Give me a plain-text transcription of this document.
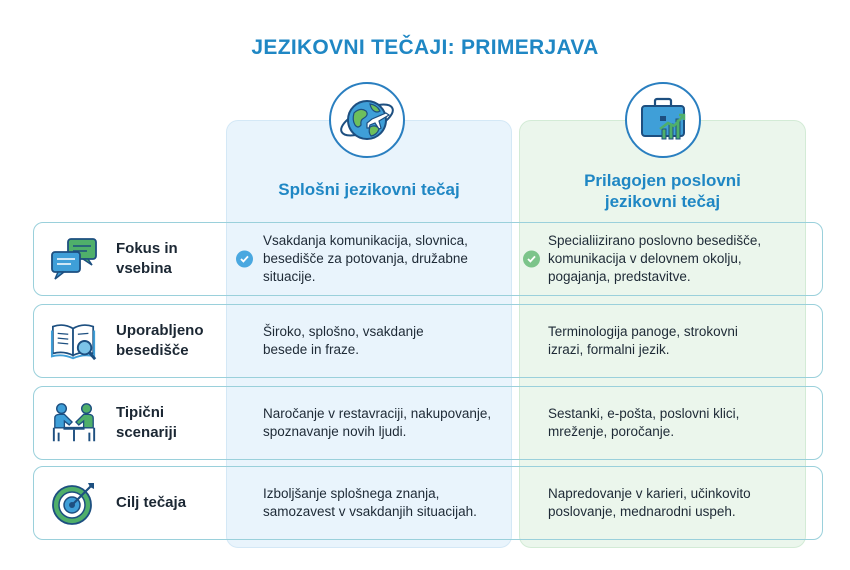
JEZIKOVNI TEČAJI: PRIMERJAVA
Splošni jezikovni tečaj	Prilagojen poslovni
jezikovni tečaj
Fokus in
vsebina
Vsakdanja komunikacija, slovnica,
besedišče za potovanja, družabne
situacije.
Specialiizirano poslovno besedišče,
komunikacija v delovnem okolju,
pogajanja, predstavitve.
Uporabljeno
besedišče
Široko, splošno, vsakdanje
besede in fraze.
Terminologija panoge, strokovni
izrazi, formalni jezik.
Tipični
scenariji
Naročanje v restavraciji, nakupovanje,
spoznavanje novih ljudi.
Sestanki, e-pošta, poslovni klici,
mreženje, poročanje.
Cilj tečaja
Izboljšanje splošnega znanja,
samozavest v vsakdanjih situacijah.
Napredovanje v karieri, učinkovito
poslovanje, mednarodni uspeh.
